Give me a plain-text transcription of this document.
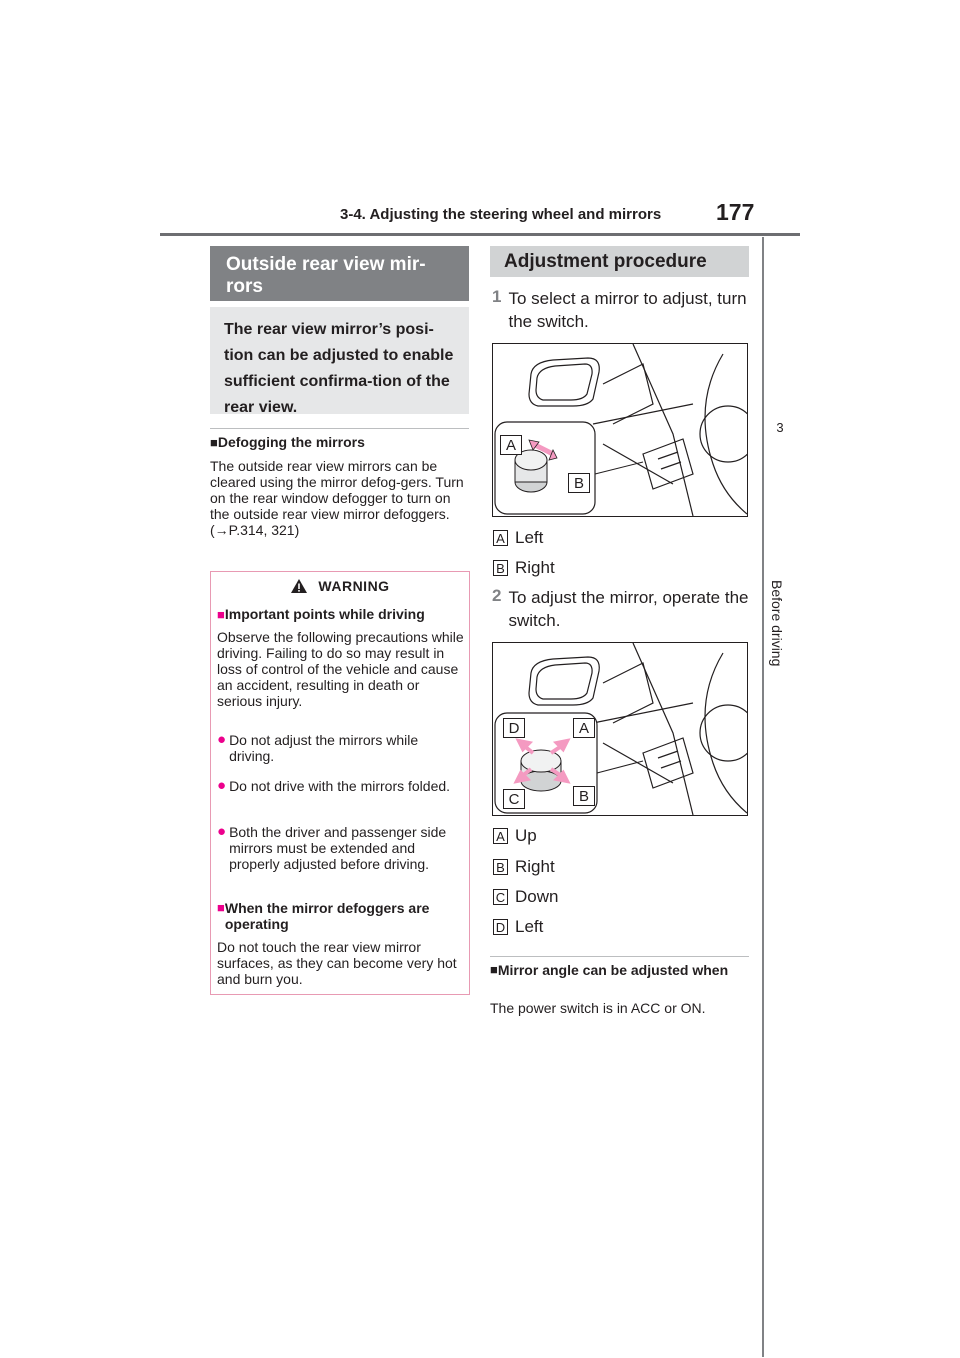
3-4. Adjusting the steering wheel and mirrors 177
3
Before driving
Outside rear view mir-rors
The rear view mirror’s posi-tion can be adjusted to enable sufficient confirma-tion of the rear view.
■Defogging the mirrors
The outside rear view mirrors can be cleared using the mirror defog-gers. Turn on the rear window defogger to turn on the outside rear view mirror defoggers.
(→P.314, 321)
WARNING
■Important points while driving
Observe the following precautions while driving. Failing to do so may result in loss of control of the vehicle and cause an accident, resulting in death or serious injury.
● Do not adjust the mirrors while driving.
● Do not drive with the mirrors folded.
● Both the driver and passenger side mirrors must be extended and properly adjusted before driving.
■ When the mirror defoggers are operating
Do not touch the rear view mirror surfaces, as they can become very hot and burn you.
Adjustment procedure
1 To select a mirror to adjust, turn the switch.
A
B
A Left
B Right
2 To adjust the mirror, operate the switch.
D	A
C	B
A Up
B Right
C Down
D Left
■ Mirror angle can be adjusted when
The power switch is in ACC or ON.
